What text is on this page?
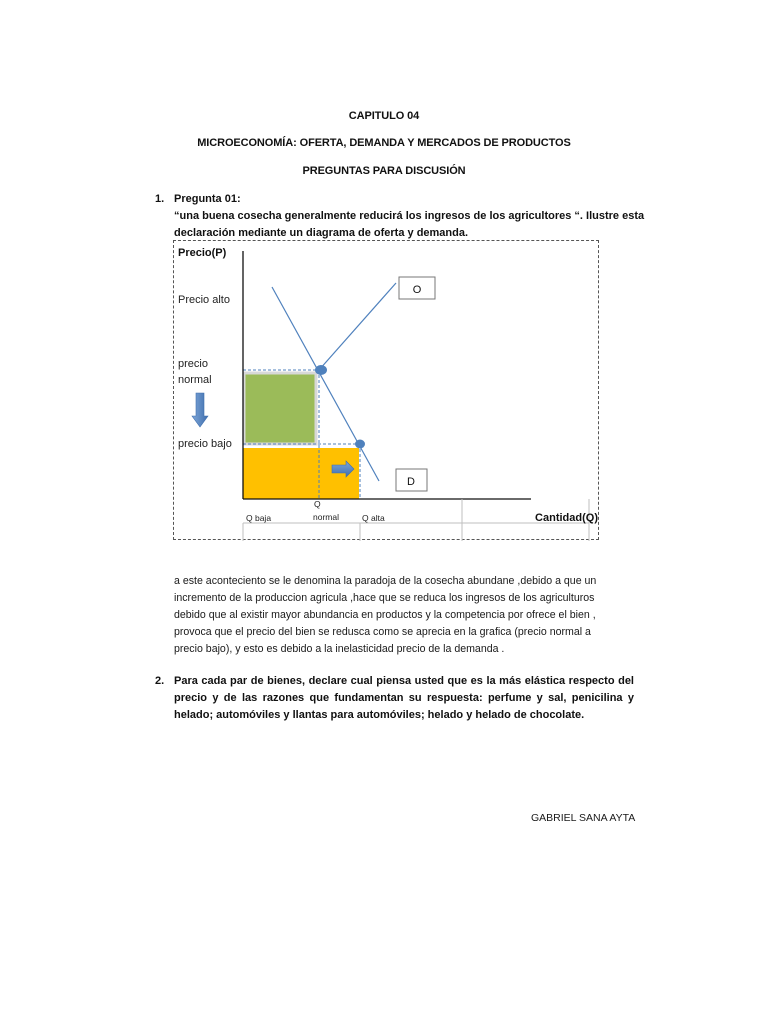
CAPITULO 04
MICROECONOMÍA: OFERTA, DEMANDA Y MERCADOS DE PRODUCTOS
PREGUNTAS PARA DISCUSIÓN
1. Pregunta 01:
“una buena cosecha generalmente reducirá los ingresos de los agricultores “. Ilustre esta
declaración mediante un diagrama de oferta y demanda.
O
D
Precio(P)
Precio alto
precio
normal
precio bajo
Q baja
Q
normal	Q alta	Cantidad(Q)
a este aconteciento se le denomina la paradoja de la cosecha abundane ,debido a que un
incremento de la produccion agricula ,hace que se reduca los ingresos de los agriculturos
debido que al existir mayor abundancia en productos y la competencia por ofrece el bien ,
provoca que el precio del bien se redusca como se aprecia en la grafica (precio normal a
precio bajo), y esto es debido a la inelasticidad precio de la demanda .
2. Para cada par de bienes, declare cual piensa usted que es la más elástica respecto del
precio y de las razones que fundamentan su respuesta: perfume y sal, penicilina y
helado; automóviles y llantas para automóviles; helado y helado de chocolate.
GABRIEL SANA AYTA
